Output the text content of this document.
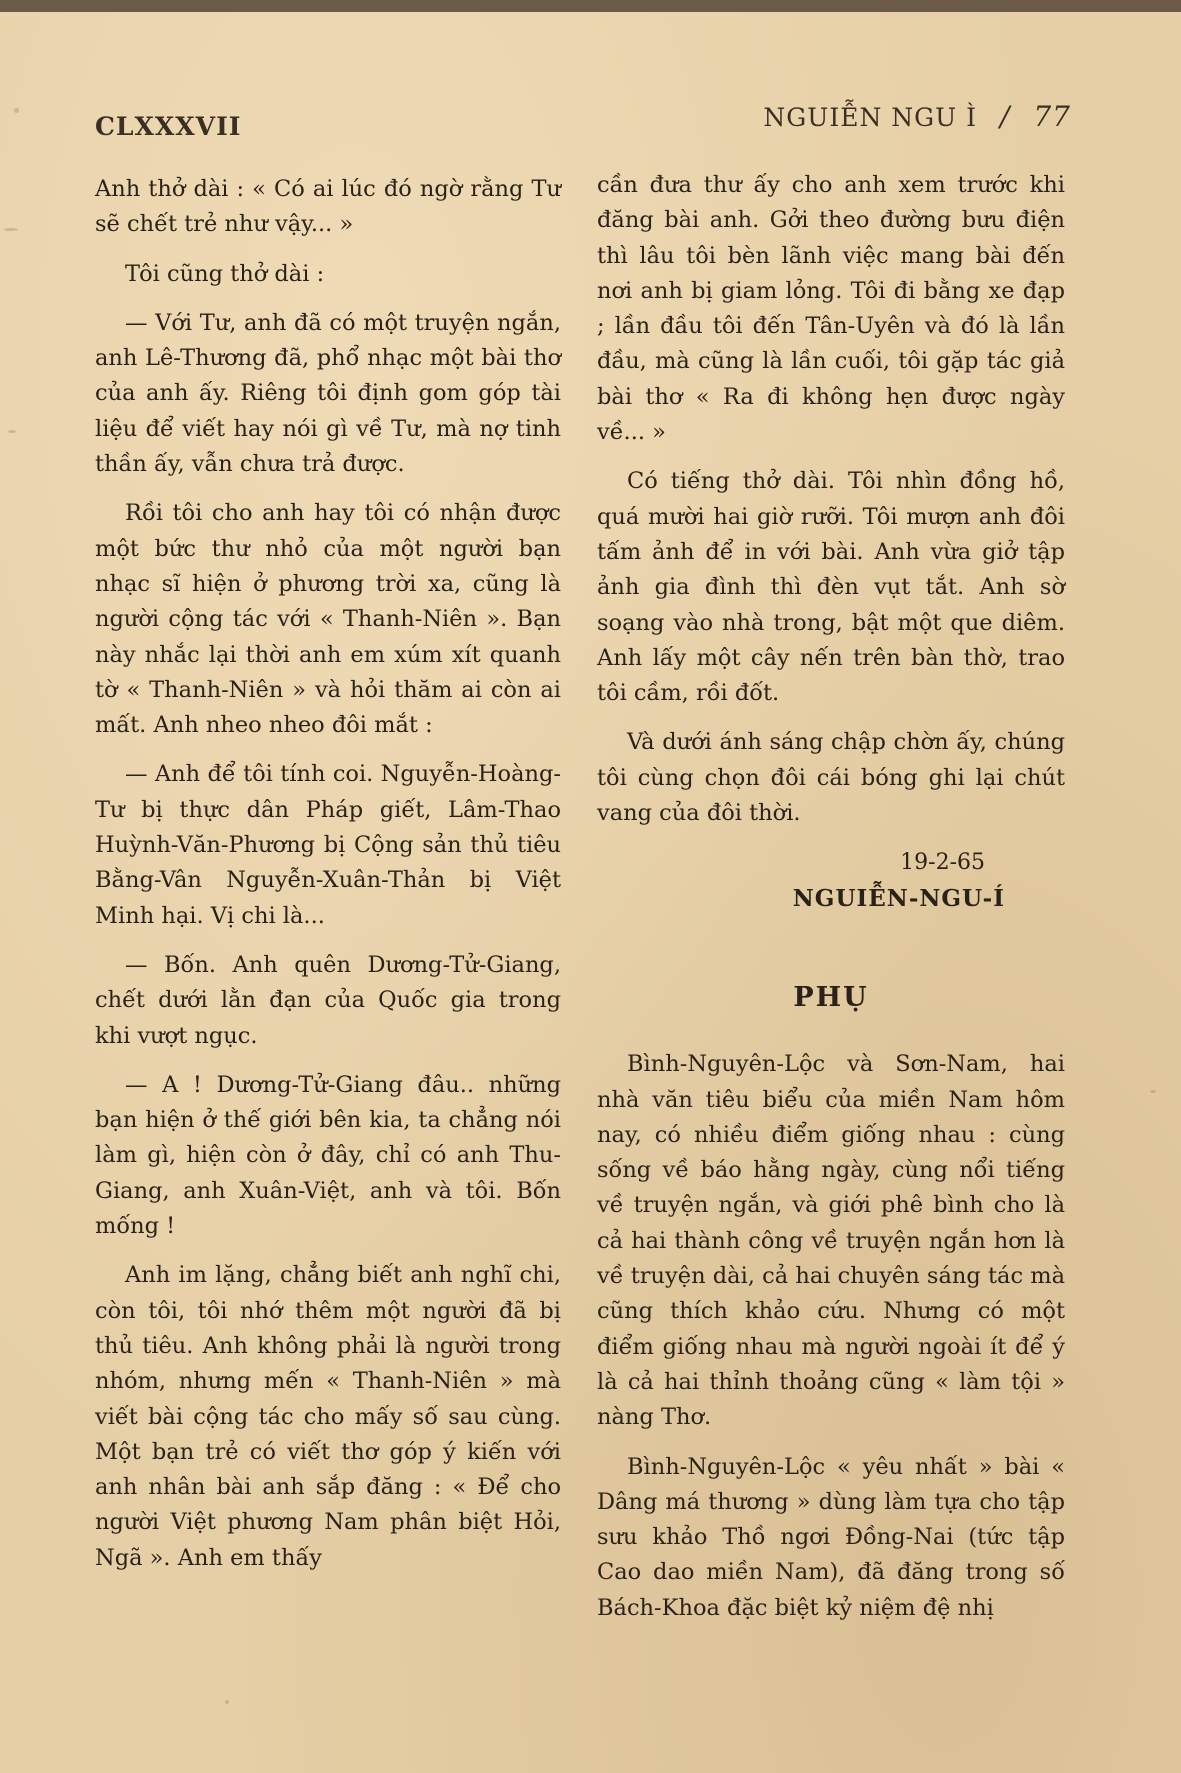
CLXXXVII	NGUIỄN NGU Ì / 77

Anh thở dài : « Có ai lúc đó ngờ rằng Tư sẽ chết trẻ như vậy... »

Tôi cũng thở dài :

— Với Tư, anh đã có một truyện ngắn, anh Lê-Thương đã, phổ nhạc một bài thơ của anh ấy. Riêng tôi định gom góp tài liệu để viết hay nói gì về Tư, mà nợ tinh thần ấy, vẫn chưa trả được.

Rồi tôi cho anh hay tôi có nhận được một bức thư nhỏ của một người bạn nhạc sĩ hiện ở phương trời xa, cũng là người cộng tác với « Thanh-Niên ». Bạn này nhắc lại thời anh em xúm xít quanh tờ « Thanh-Niên » và hỏi thăm ai còn ai mất. Anh nheo nheo đôi mắt :

— Anh để tôi tính coi. Nguyễn-Hoàng-Tư bị thực dân Pháp giết, Lâm-Thao Huỳnh-Văn-Phương bị Cộng sản thủ tiêu Bằng-Vân Nguyễn-Xuân-Thản bị Việt Minh hại. Vị chi là...

— Bốn. Anh quên Dương-Tử-Giang, chết dưới lằn đạn của Quốc gia trong khi vượt ngục.

— A ! Dương-Tử-Giang đâu.. những bạn hiện ở thế giới bên kia, ta chẳng nói làm gì, hiện còn ở đây, chỉ có anh Thu-Giang, anh Xuân-Việt, anh và tôi. Bốn mống !

Anh im lặng, chẳng biết anh nghĩ chi, còn tôi, tôi nhớ thêm một người đã bị thủ tiêu. Anh không phải là người trong nhóm, nhưng mến « Thanh-Niên » mà viết bài cộng tác cho mấy số sau cùng. Một bạn trẻ có viết thơ góp ý kiến với anh nhân bài anh sắp đăng : « Để cho người Việt phương Nam phân biệt Hỏi, Ngã ». Anh em thấy

cần đưa thư ấy cho anh xem trước khi đăng bài anh. Gởi theo đường bưu điện thì lâu tôi bèn lãnh việc mang bài đến nơi anh bị giam lỏng. Tôi đi bằng xe đạp ; lần đầu tôi đến Tân-Uyên và đó là lần đầu, mà cũng là lần cuối, tôi gặp tác giả bài thơ « Ra đi không hẹn được ngày về... »

Có tiếng thở dài. Tôi nhìn đồng hồ, quá mười hai giờ rưỡi. Tôi mượn anh đôi tấm ảnh để in với bài. Anh vừa giở tập ảnh gia đình thì đèn vụt tắt. Anh sờ soạng vào nhà trong, bật một que diêm. Anh lấy một cây nến trên bàn thờ, trao tôi cầm, rồi đốt.

Và dưới ánh sáng chập chờn ấy, chúng tôi cùng chọn đôi cái bóng ghi lại chút vang của đôi thời.

19-2-65
NGUIỄN-NGU-Í
PHỤ

Bình-Nguyên-Lộc và Sơn-Nam, hai nhà văn tiêu biểu của miền Nam hôm nay, có nhiều điểm giống nhau : cùng sống về báo hằng ngày, cùng nổi tiếng về truyện ngắn, và giới phê bình cho là cả hai thành công về truyện ngắn hơn là về truyện dài, cả hai chuyên sáng tác mà cũng thích khảo cứu. Nhưng có một điểm giống nhau mà người ngoài ít để ý là cả hai thỉnh thoảng cũng « làm tội » nàng Thơ.

Bình-Nguyên-Lộc « yêu nhất » bài « Dâng má thương » dùng làm tựa cho tập sưu khảo Thồ ngơi Đồng-Nai (tức tập Cao dao miền Nam), đã đăng trong số Bách-Khoa đặc biệt kỷ niệm đệ nhị
